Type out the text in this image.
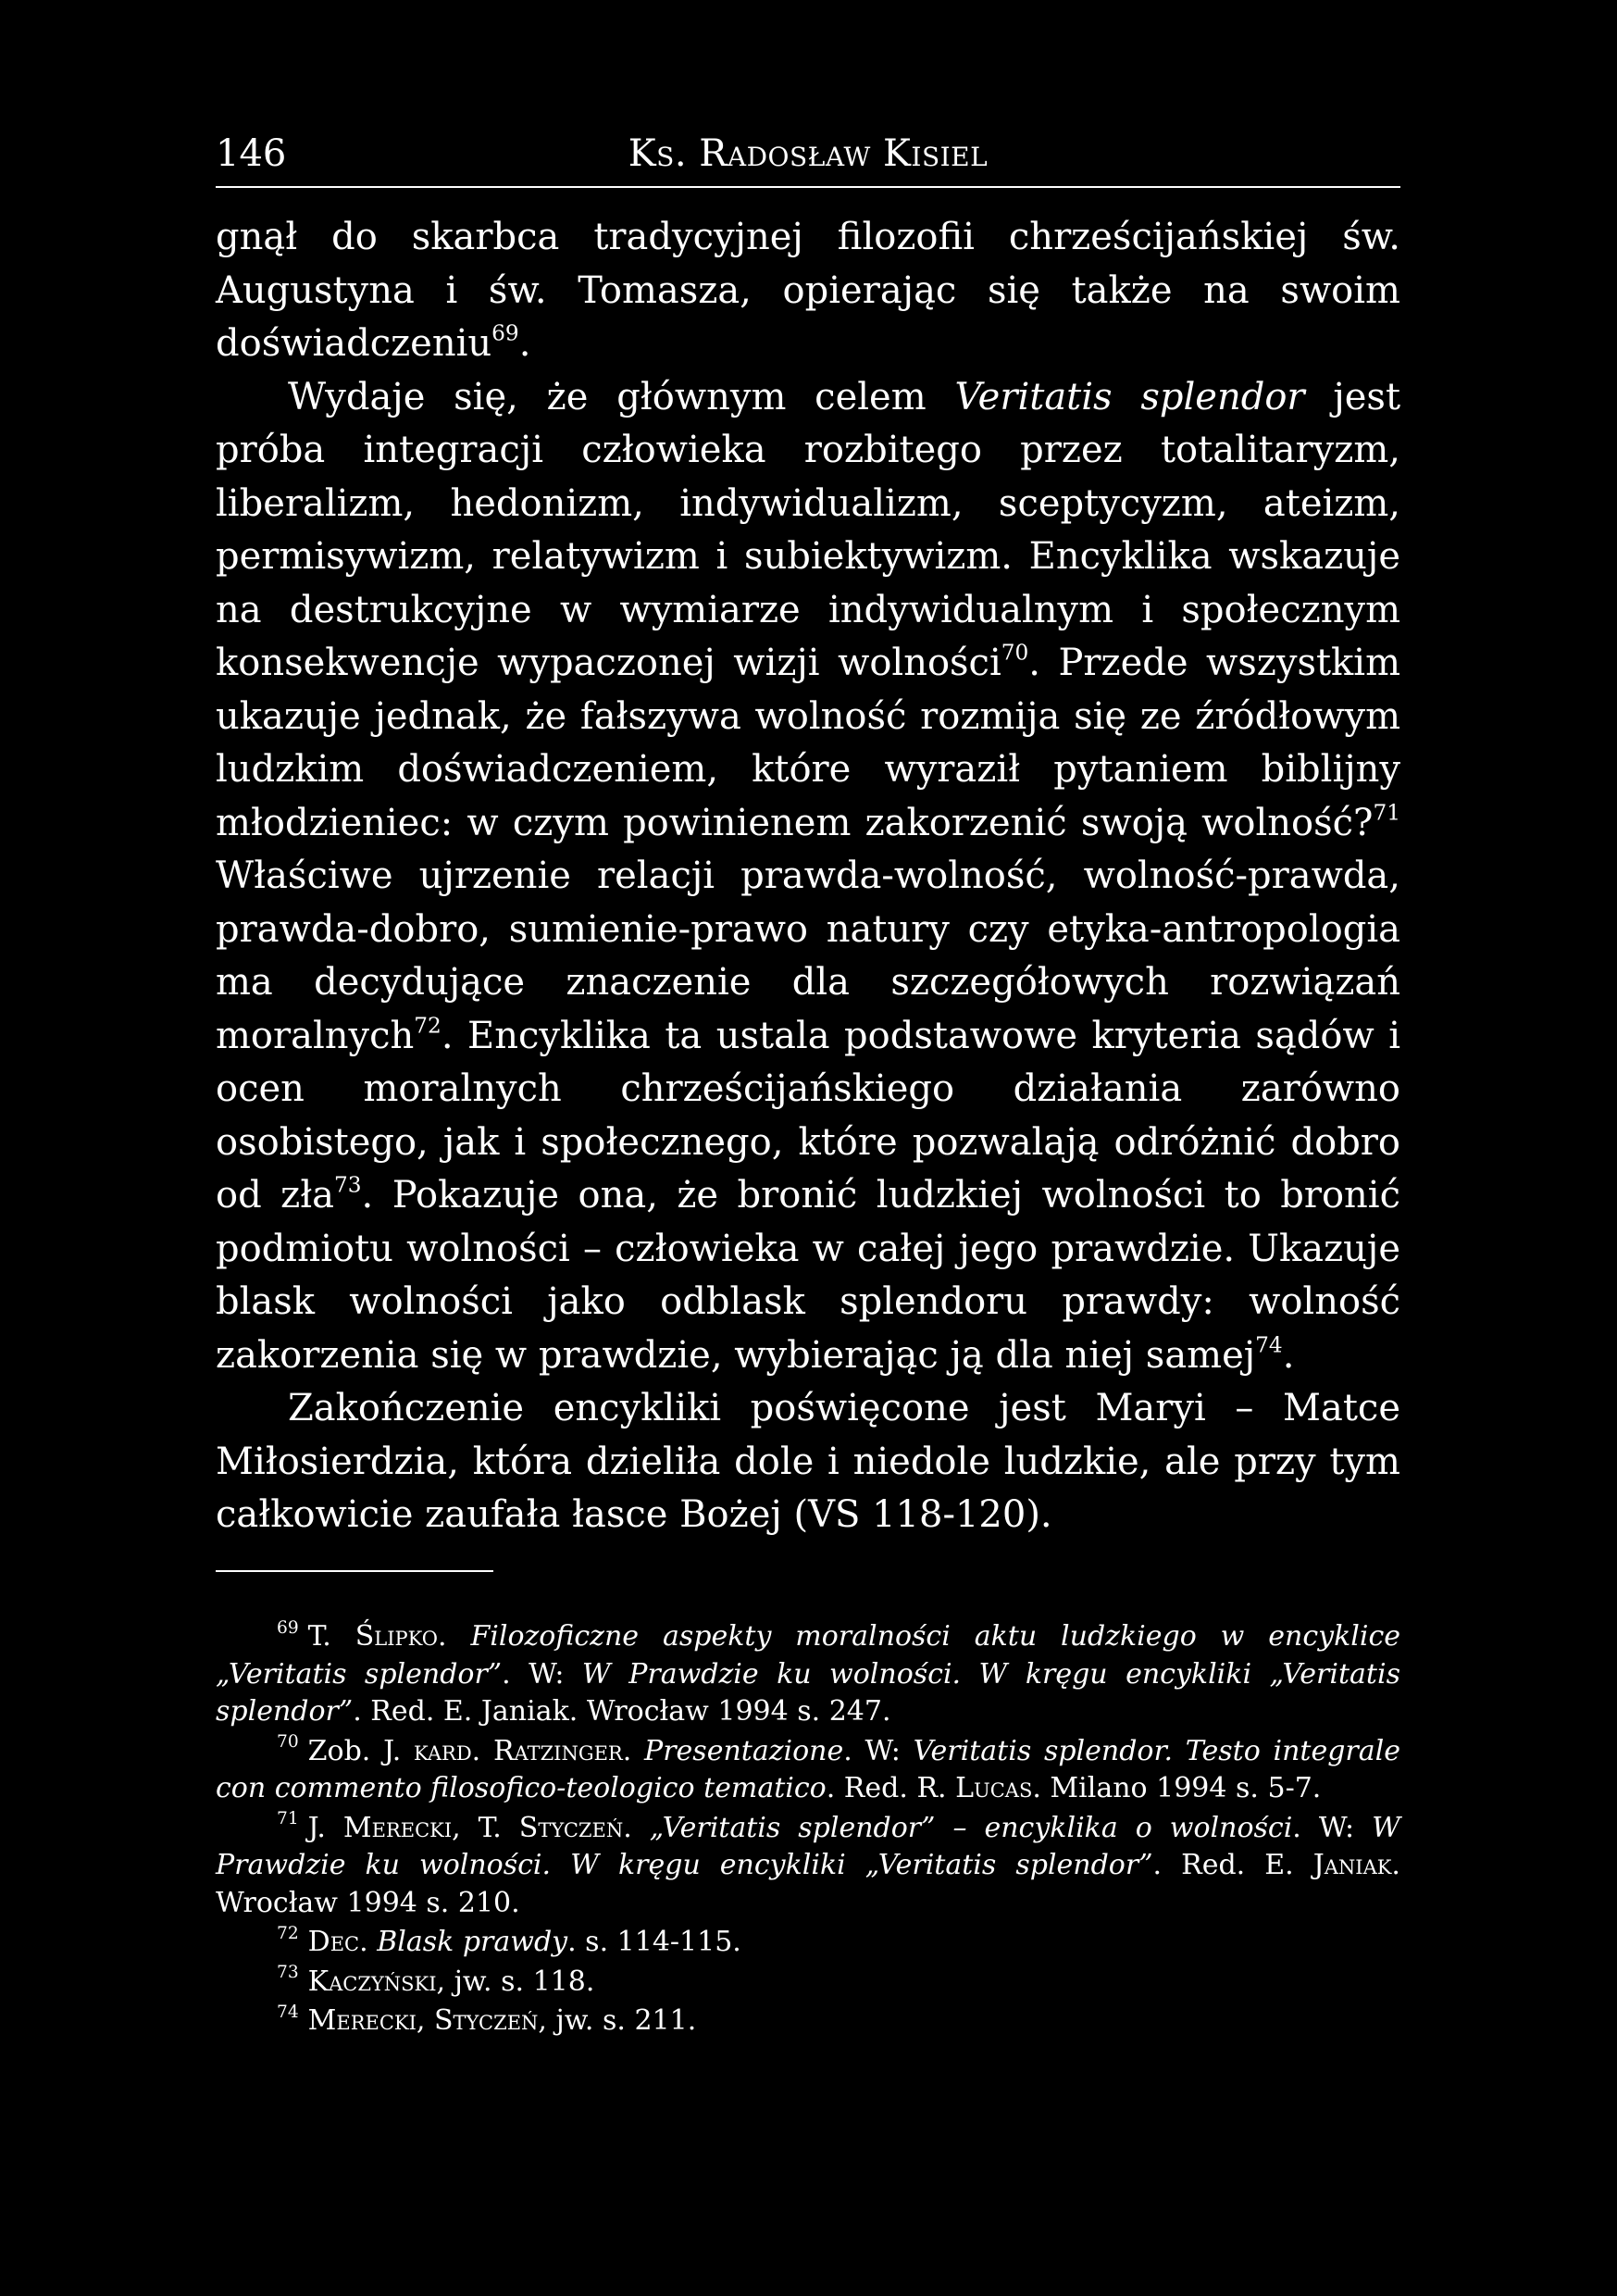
146	Ks. Radosław Kisiel

gnął do skarbca tradycyjnej filozofii chrześcijańskiej św. Augustyna i św. Tomasza, opierając się także na swoim doświadczeniu$^{69}$.

Wydaje się, że głównym celem Veritatis splendor jest próba integracji człowieka rozbitego przez totalitaryzm, liberalizm, hedonizm, indywidualizm, sceptycyzm, ateizm, permisywizm, relatywizm i subiektywizm. Encyklika wskazuje na destrukcyjne w wymiarze indywidualnym i społecznym konsekwencje wypaczonej wizji wolności$^{70}$. Przede wszystkim ukazuje jednak, że fałszywa wolność rozmija się ze źródłowym ludzkim doświadczeniem, które wyraził pytaniem biblijny młodzieniec: w czym powinienem zakorzenić swoją wolność?$^{71}$ Właściwe ujrzenie relacji prawda-wolność, wolność-prawda, prawda-dobro, sumienie-prawo natury czy etyka-antropologia ma decydujące znaczenie dla szczegółowych rozwiązań moralnych$^{72}$. Encyklika ta ustala podstawowe kryteria sądów i ocen moralnych chrześcijańskiego działania zarówno osobistego, jak i społecznego, które pozwalają odróżnić dobro od zła$^{73}$. Pokazuje ona, że bronić ludzkiej wolności to bronić podmiotu wolności – człowieka w całej jego prawdzie. Ukazuje blask wolności jako odblask splendoru prawdy: wolność zakorzenia się w prawdzie, wybierając ją dla niej samej$^{74}$.

Zakończenie encykliki poświęcone jest Maryi – Matce Miłosierdzia, która dzieliła dole i niedole ludzkie, ale przy tym całkowicie zaufała łasce Bożej (VS 118-120).

$^{69}$ T. Ślipko. Filozoficzne aspekty moralności aktu ludzkiego w encyklice „Veritatis splendor”. W: W Prawdzie ku wolności. W kręgu encykliki „Veritatis splendor”. Red. E. Janiak. Wrocław 1994 s. 247.

$^{70}$ Zob. J. kard. Ratzinger. Presentazione. W: Veritatis splendor. Testo integrale con commento filosofico-teologico tematico. Red. R. Lucas. Milano 1994 s. 5-7.

$^{71}$ J. Merecki, T. Styczeń. „Veritatis splendor” – encyklika o wolności. W: W Prawdzie ku wolności. W kręgu encykliki „Veritatis splendor”. Red. E. Janiak. Wrocław 1994 s. 210.

$^{72}$ Dec. Blask prawdy. s. 114-115.

$^{73}$ Kaczyński, jw. s. 118.

$^{74}$ Merecki, Styczeń, jw. s. 211.
